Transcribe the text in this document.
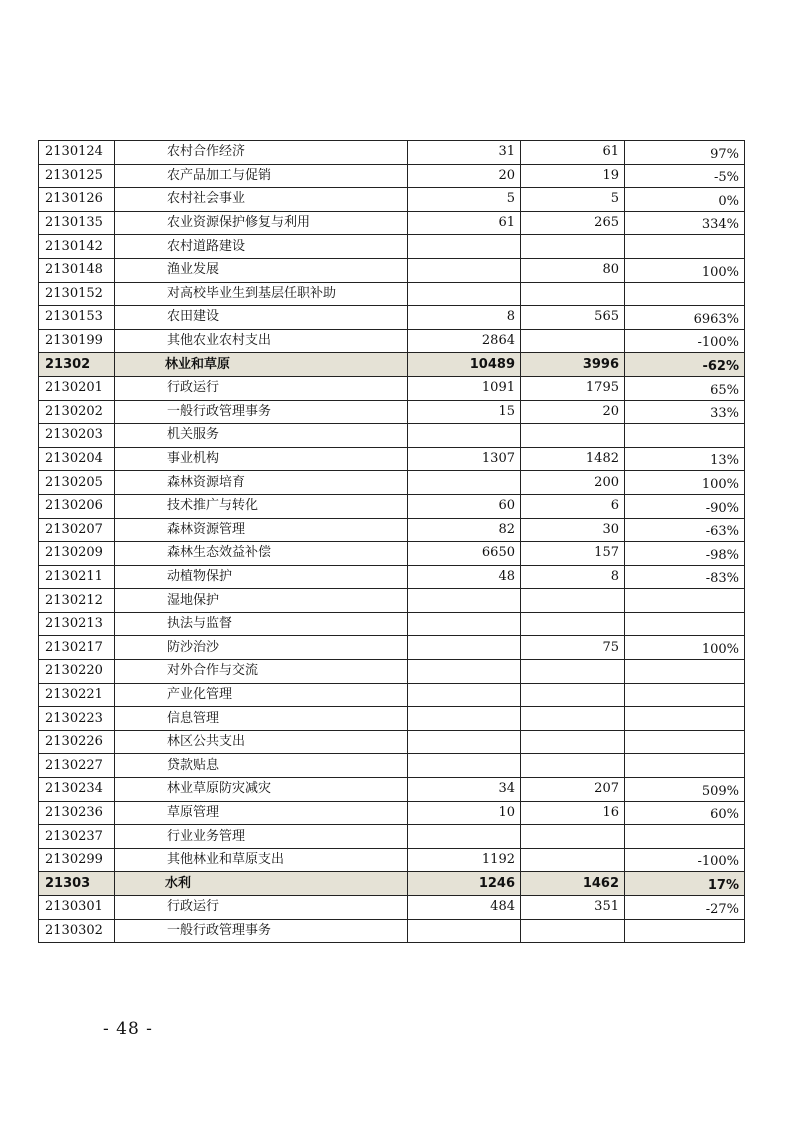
2130124	农村合作经济	31	61	97%
2130125	农产品加工与促销	20	19	-5%
2130126	农村社会事业	5	5	0%
2130135	农业资源保护修复与利用	61	265	334%
2130142	农村道路建设			
2130148	渔业发展		80	100%
2130152	对高校毕业生到基层任职补助			
2130153	农田建设	8	565	6963%
2130199	其他农业农村支出	2864		-100%
21302	林业和草原	10489	3996	-62%
2130201	行政运行	1091	1795	65%
2130202	一般行政管理事务	15	20	33%
2130203	机关服务			
2130204	事业机构	1307	1482	13%
2130205	森林资源培育		200	100%
2130206	技术推广与转化	60	6	-90%
2130207	森林资源管理	82	30	-63%
2130209	森林生态效益补偿	6650	157	-98%
2130211	动植物保护	48	8	-83%
2130212	湿地保护			
2130213	执法与监督			
2130217	防沙治沙		75	100%
2130220	对外合作与交流			
2130221	产业化管理			
2130223	信息管理			
2130226	林区公共支出			
2130227	贷款贴息			
2130234	林业草原防灾减灾	34	207	509%
2130236	草原管理	10	16	60%
2130237	行业业务管理			
2130299	其他林业和草原支出	1192		-100%
21303	水利	1246	1462	17%
2130301	行政运行	484	351	-27%
2130302	一般行政管理事务			
- 48 -
